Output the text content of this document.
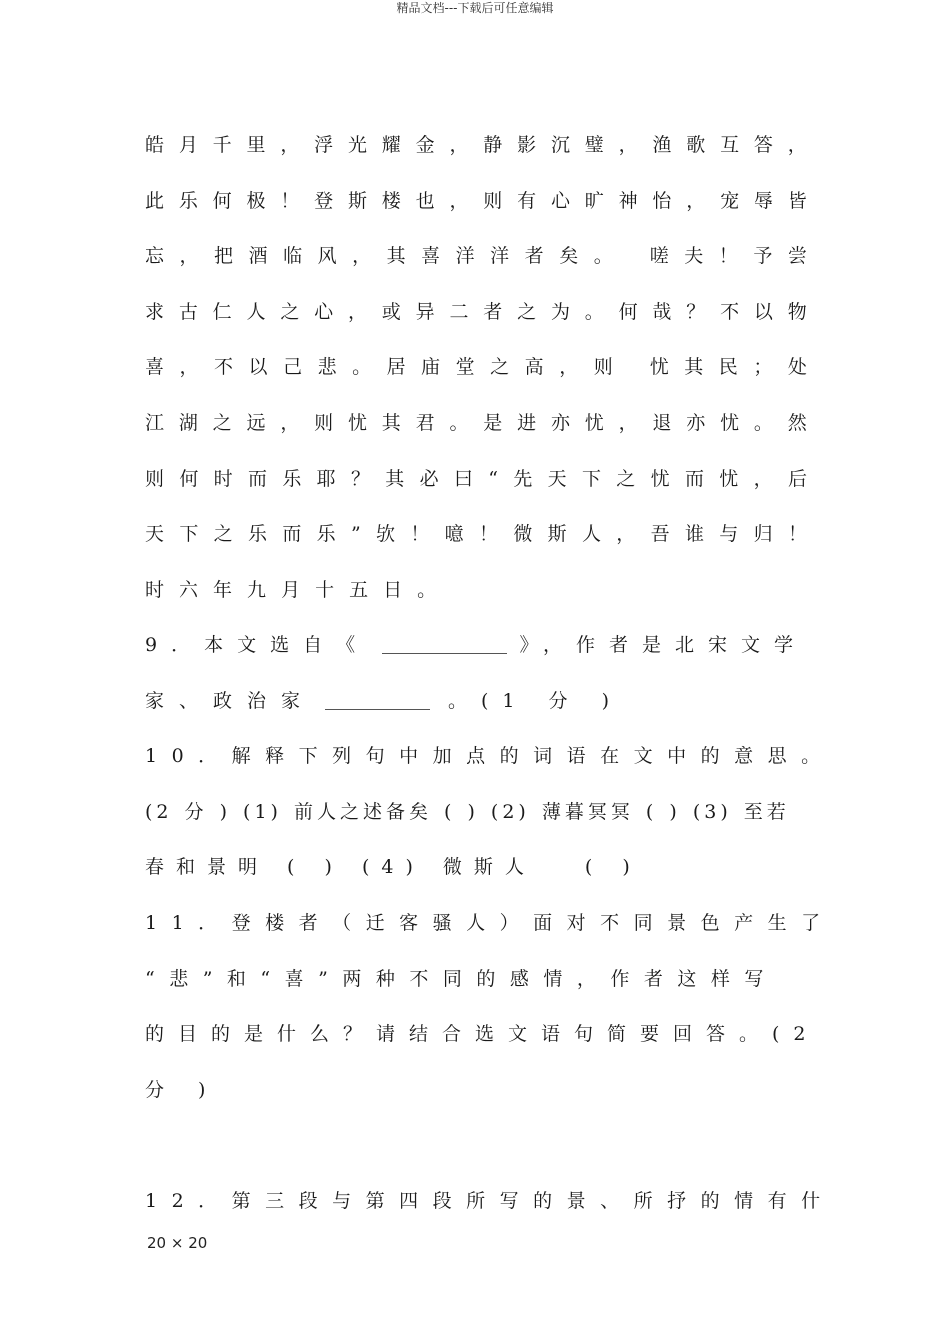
精品文档---下载后可任意编辑
皓 月 千 里 ， 浮 光 耀 金 ， 静 影 沉 璧 ， 渔 歌 互 答 ，
此 乐 何 极 ！ 登 斯 楼 也 ， 则 有 心 旷 神 怡 ， 宠 辱 皆
忘 ， 把 酒 临 风 ， 其 喜 洋 洋 者 矣 。
嗟 夫 ！ 予 尝
求 古 仁 人 之 心 ， 或 异 二 者 之 为 。 何 哉 ？ 不 以 物
喜 ， 不 以 己 悲 。 居 庙 堂 之 高 ， 则
忧 其 民 ； 处
江 湖 之 远 ， 则 忧 其 君 。 是 进 亦 忧 ， 退 亦 忧 。 然
则 何 时 而 乐 耶 ？ 其 必 曰 “ 先 天 下 之 忧 而 忧 ， 后
天 下 之 乐 而 乐 ” 欤 ！ 噫 ！ 微 斯 人 ， 吾 谁 与 归 ！
时 六 年 九 月 十 五 日 。
9．本文选自《	》，作者是北宋文学
家、政治家	。(1 分 )
10．解释下列句中加点的词语在文中的意思。
(2 分 ) (1) 前人之述备矣 ( ) (2) 薄暮冥冥 ( ) (3) 至若
春和景明 ( ) (4) 微斯人　 ( )
11．登楼者（迁客骚人）面对不同景色产生了
“悲”和“喜”两种不同的感情，作者这样写
的目的是什么？请结合选文语句简要回答。(2
分 )
12．第三段与第四段所写的景、所抒的情有什
20 × 20
